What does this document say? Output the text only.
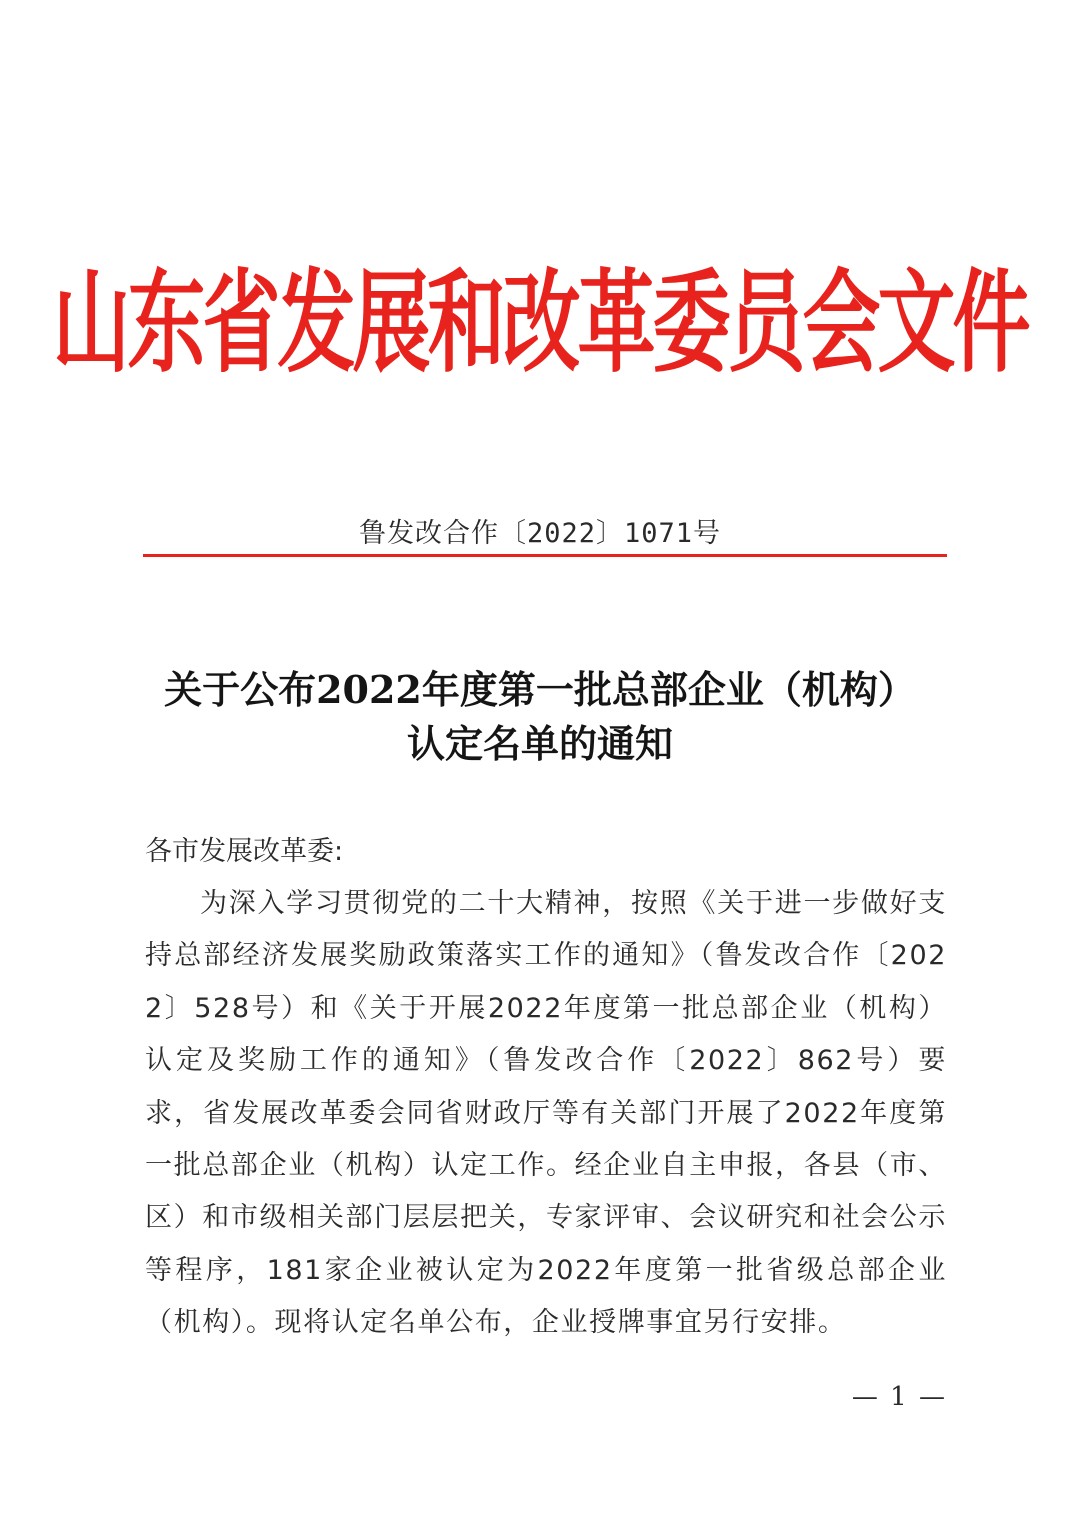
山东省发展和改革委员会文件
鲁发改合作〔2022〕1071号
关于公布2022年度第一批总部企业（机构）
认定名单的通知
各市发展改革委:
为深入学习贯彻党的二十大精神，按照《关于进一步做好支持总部经济发展奖励政策落实工作的通知》（鲁发改合作〔2022〕528号）和《关于开展2022年度第一批总部企业（机构）认定及奖励工作的通知》（鲁发改合作〔2022〕862号）要求，省发展改革委会同省财政厅等有关部门开展了2022年度第一批总部企业（机构）认定工作。经企业自主申报，各县（市、区）和市级相关部门层层把关，专家评审、会议研究和社会公示等程序，181家企业被认定为2022年度第一批省级总部企业（机构）。现将认定名单公布，企业授牌事宜另行安排。
— 1 —
